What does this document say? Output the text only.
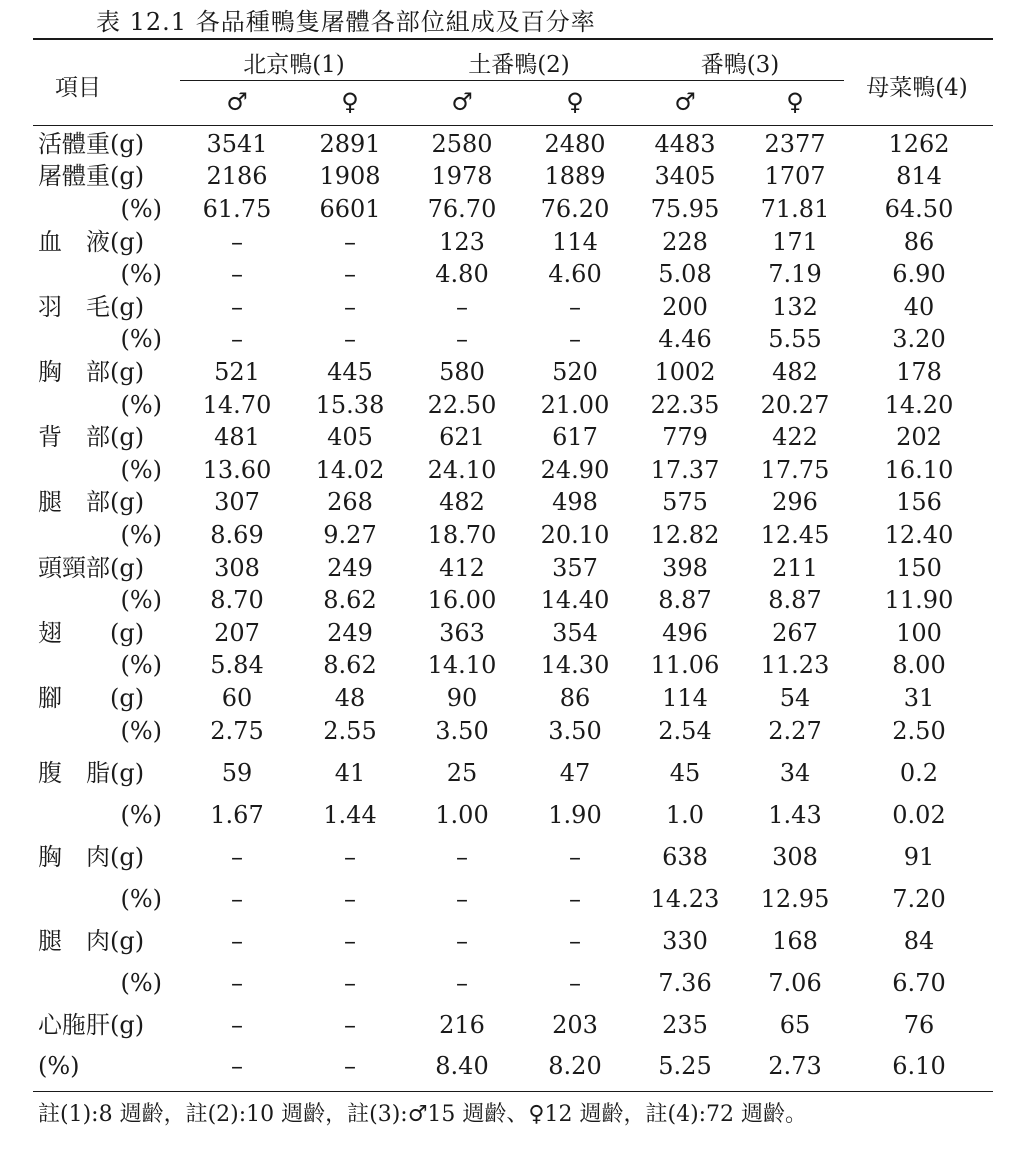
表 12.1 各品種鴨隻屠體各部位組成及百分率
項目
北京鴨(1)	土番鴨(2)	番鴨(3)
母菜鴨(4)
♂	♀	♂	♀	♂	♀
活體重(g)	3541	2891	2580	2480	4483	2377	1262
屠體重(g)	2186	1908	1978	1889	3405	1707	814
(%)	61.75	6601	76.70	76.20	75.95	71.81	64.50
血　液(g)	–	–	123	114	228	171	86
(%)	–	–	4.80	4.60	5.08	7.19	6.90
羽　毛(g)	–	–	–	–	200	132	40
(%)	–	–	–	–	4.46	5.55	3.20
胸　部(g)	521	445	580	520	1002	482	178
(%)	14.70	15.38	22.50	21.00	22.35	20.27	14.20
背　部(g)	481	405	621	617	779	422	202
(%)	13.60	14.02	24.10	24.90	17.37	17.75	16.10
腿　部(g)	307	268	482	498	575	296	156
(%)	8.69	9.27	18.70	20.10	12.82	12.45	12.40
頭頸部(g)	308	249	412	357	398	211	150
(%)	8.70	8.62	16.00	14.40	8.87	8.87	11.90
翅　　(g)	207	249	363	354	496	267	100
(%)	5.84	8.62	14.10	14.30	11.06	11.23	8.00
腳　　(g)	60	48	90	86	114	54	31
(%)	2.75	2.55	3.50	3.50	2.54	2.27	2.50
腹　脂(g)	59	41	25	47	45	34	0.2
(%)	1.67	1.44	1.00	1.90	1.0	1.43	0.02
胸　肉(g)	–	–	–	–	638	308	91
(%)	–	–	–	–	14.23	12.95	7.20
腿　肉(g)	–	–	–	–	330	168	84
(%)	–	–	–	–	7.36	7.06	6.70
心胣肝(g)	–	–	216	203	235	65	76
(%)	–	–	8.40	8.20	5.25	2.73	6.10
註(1):8 週齡，註(2):10 週齡，註(3):♂15 週齡、♀12 週齡，註(4):72 週齡。
